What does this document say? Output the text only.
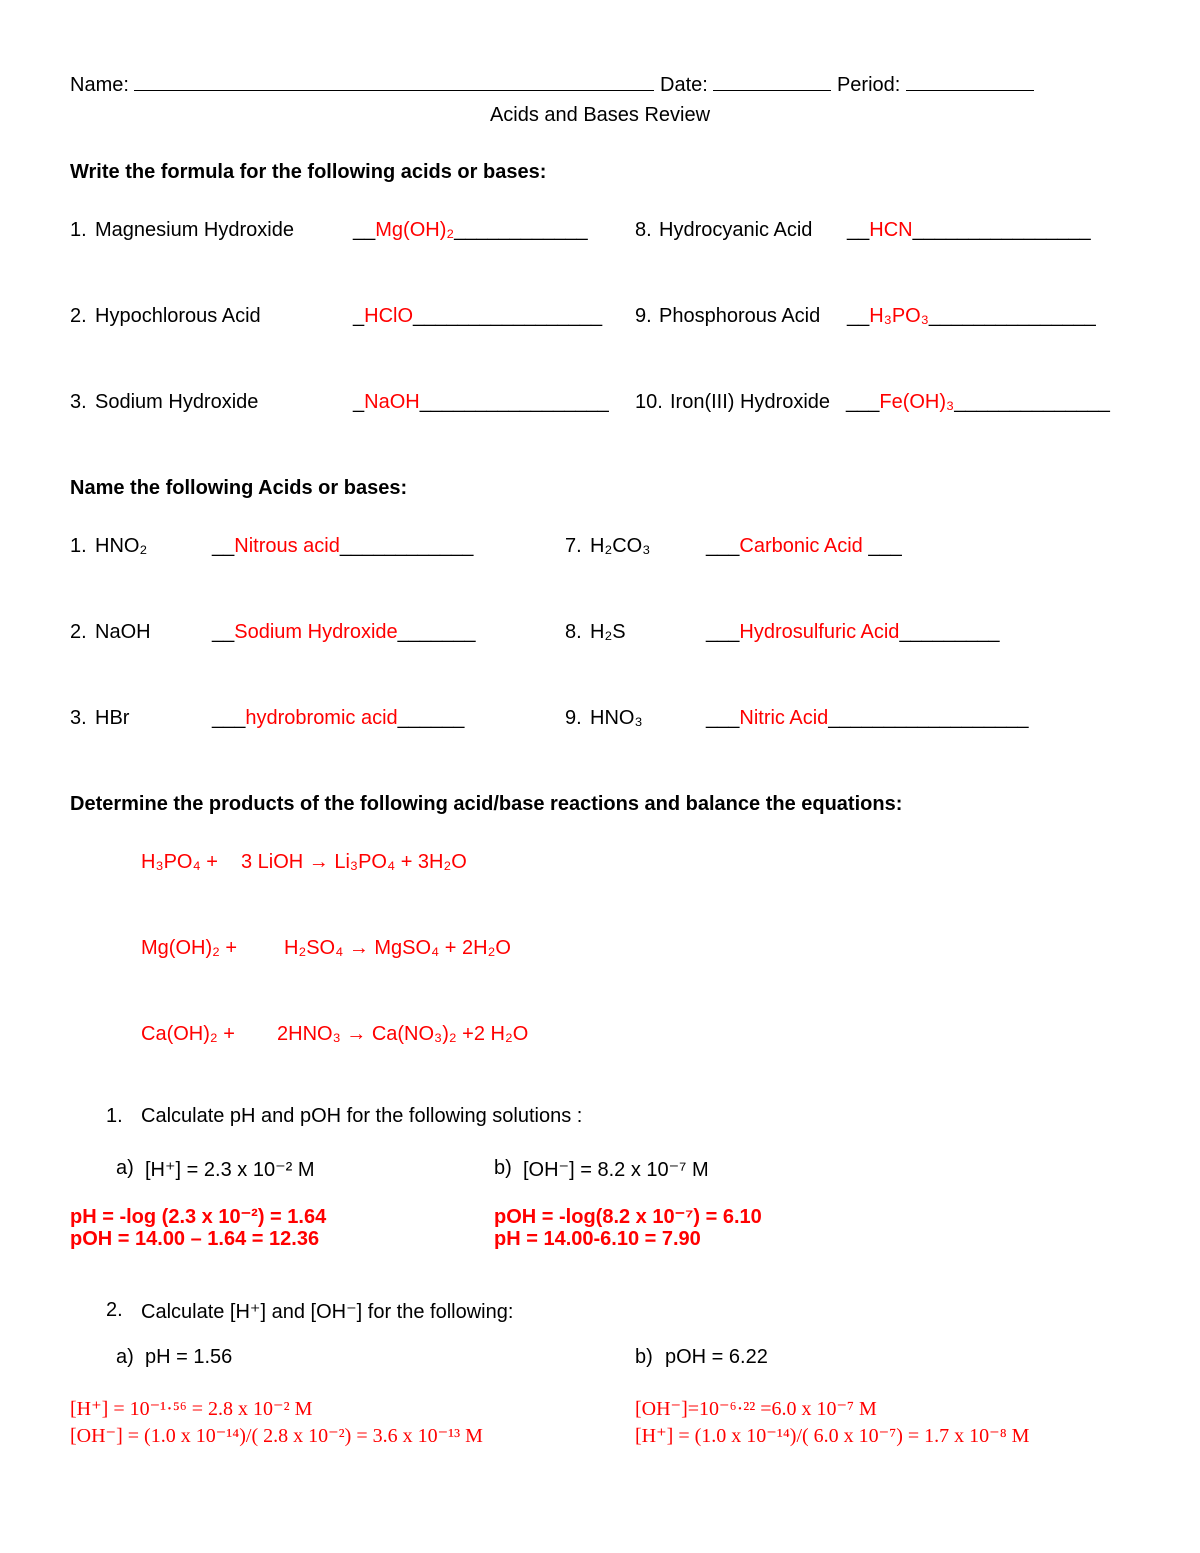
Name:	Date:	Period:
Acids and Bases Review
Write the formula for the following acids or bases:
1. Magnesium Hydroxide	__Mg(OH)₂____________
2. Hypochlorous Acid	_HClO_________________
3. Sodium Hydroxide	_NaOH_________________
8. Hydrocyanic Acid __HCN________________
9. Phosphorous Acid __H₃PO₃_______________
10. Iron(III) Hydroxide ___Fe(OH)₃______________
Name the following Acids or bases:
1. HNO₂	__Nitrous acid____________
2. NaOH	__Sodium Hydroxide_______
3. HBr	___hydrobromic acid______
7. H₂CO₃	___Carbonic Acid ___
8. H₂S	___Hydrosulfuric Acid_________
9. HNO₃	___Nitric Acid__________________
Determine the products of the following acid/base reactions and balance the equations:
H₃PO₄ + 3 LiOH → Li₃PO₄ + 3H₂O
Mg(OH)₂ + H₂SO₄ → MgSO₄ + 2H₂O
Ca(OH)₂ + 2HNO₃ → Ca(NO₃)₂ +2 H₂O
1. Calculate pH and pOH for the following solutions :
a) [H⁺] = 2.3 x 10⁻² M	b) [OH⁻] = 8.2 x 10⁻⁷ M
pH = -log (2.3 x 10⁻²) = 1.64
pOH = 14.00 – 1.64 = 12.36
pOH = -log(8.2 x 10⁻⁷) = 6.10
pH = 14.00-6.10 = 7.90
2. Calculate [H⁺] and [OH⁻] for the following:
a) pH = 1.56	b) pOH = 6.22
[H⁺] = 10⁻¹·⁵⁶ = 2.8 x 10⁻² M
[OH⁻] = (1.0 x 10⁻¹⁴)/( 2.8 x 10⁻²) = 3.6 x 10⁻¹³ M
[OH⁻]=10⁻⁶·²² =6.0 x 10⁻⁷ M
[H⁺] = (1.0 x 10⁻¹⁴)/( 6.0 x 10⁻⁷) = 1.7 x 10⁻⁸ M
